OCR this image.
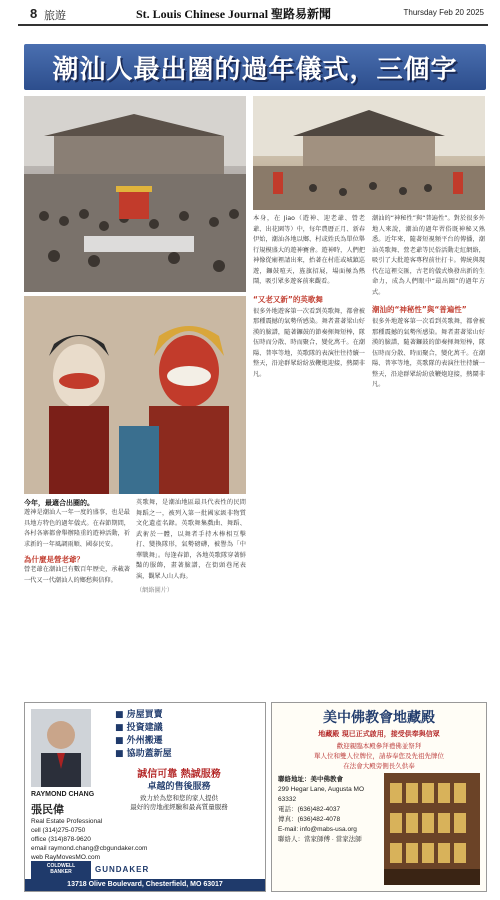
8 旅遊	St. Louis Chinese Journal 聖路易新聞	Thursday Feb 20 2025
潮汕人最出圈的過年儀式，三個字
今年，最適合出圈的。
遊神是潮汕人一年一度的盛事，也是最具地方特色的過年儀式。在春節期間，各村各寨都會舉辦隆重的遊神活動，祈求新的一年風調雨順、國泰民安。
為什麼是營老爺？
營老爺在潮汕已有數百年歷史，承載著一代又一代潮汕人的鄉愁與信仰。
英歌舞，是潮汕地區最具代表性的民間舞蹈之一，被列入第一批國家級非物質文化遺產名錄。英歌舞集戲曲、舞蹈、武術於一體，以舞者手持木棒相互擊打、變換隊形，氣勢磅礴，被譽為「中華戰舞」。每逢春節，各地英歌隊穿著鮮豔的服飾，畫著臉譜，在街頭巷尾表演，觀眾人山人海。
（網絡圖片）
本身，在 Jiao（遊神、迎老爺、營老爺、出花園等）中，每年農曆正月、新春伊始，潮汕各地以鄉、村或姓氏為單位舉行規模盛大的遊神賽會。遊神時，人們把神像從廟裡請出來，抬著在村莊或城鎮巡遊，鑼鼓喧天，旌旗招展，場面極為熱鬧，吸引眾多遊客前來觀看。
“又老又新”的英歌舞
很多外地遊客第一次看到英歌舞，都會被那種震撼的氣勢所感染。舞者畫著梁山好漢的臉譜，隨著鑼鼓的節奏揮舞短棒，隊伍時而分散、時而聚合，變化萬千。在潮陽、普寧等地，英歌隊的表演往往持續一整天，沿途群眾紛紛放鞭炮迎接，熱鬧非凡。
潮汕的“神秘性”與“普遍性”。對於很多外地人來說，潮汕的過年習俗既神秘又熟悉。近年來，隨著短視頻平台的傳播，潮汕英歌舞、營老爺等民俗活動走紅網絡，吸引了大批遊客專程前往打卡。傳統與現代在這裡交匯，古老的儀式煥發出新的生命力，成為人們眼中“最出圈”的過年方式。
潮汕的“神秘性”與“普遍性”
很多外地遊客第一次看到英歌舞，都會被那種震撼的氣勢所感染。舞者畫著梁山好漢的臉譜，隨著鑼鼓的節奏揮舞短棒，隊伍時而分散、時而聚合，變化萬千。在潮陽、普寧等地，英歌隊的表演往往持續一整天，沿途群眾紛紛放鞭炮迎接，熱鬧非凡。
■ 房屋買賣
■ 投資建議
■ 外州搬遷
■ 協助蓋新屋
誠信可靠 熱誠服務
卓越的售後服務
致力於為您和您的家人提供
最好的房地產經驗和最高質量服務
RAYMOND CHANG
張民偉
Real Estate Professional
cell (314)275-0750
office (314)878-9620
email raymond.chang@cbgundaker.com
web RayMovesMO.com
COLDWELL
BANKER	GUNDAKER
13718 Olive Boulevard, Chesterfield, MO 63017
美中佛教會地藏殿
地藏殿 現已正式啟用，接受供奉與信眾
歡迎親臨本殿參拜禮佛並祭拜
單人位和雙人位牌位，請恭奉您及先祖先牌位
在法會大殿旁側長久供奉
聯絡地址：美中佛教會
299 Hegar Lane, Augusta MO 63332
電話：(636)482-4037
傳真：(636)482-4078
E-mail: info@mabs-usa.org
聯絡人：當家師傅 · 當家法師
